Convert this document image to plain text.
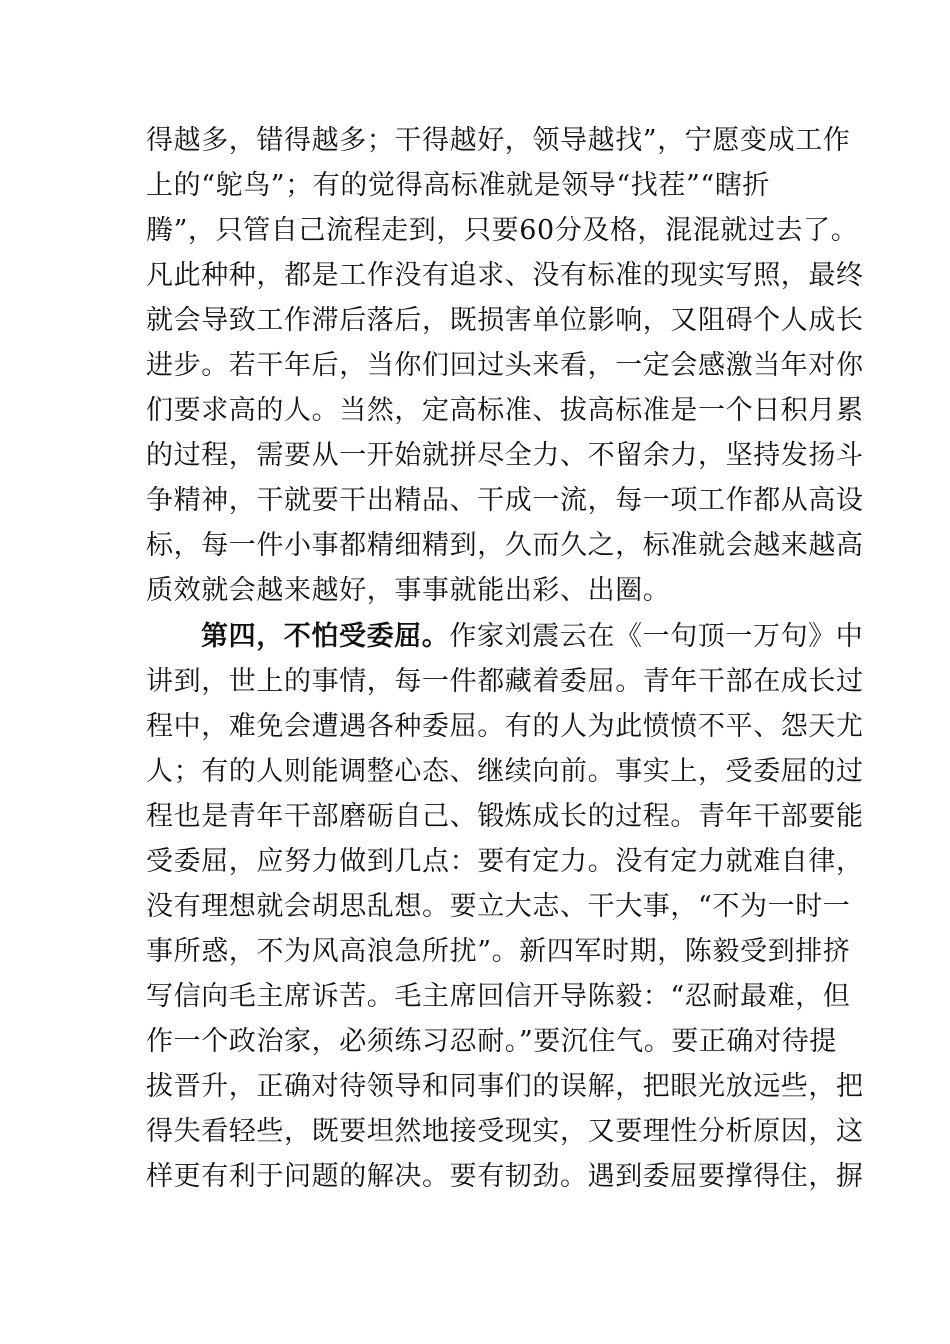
得越多，错得越多；干得越好，领导越找”，宁愿变成工作
上的“鸵鸟”；有的觉得高标准就是领导“找茬”“瞎折
腾”，只管自己流程走到，只要60分及格，混混就过去了。
凡此种种，都是工作没有追求、没有标准的现实写照，最终
就会导致工作滞后落后，既损害单位影响，又阻碍个人成长
进步。若干年后，当你们回过头来看，一定会感激当年对你
们要求高的人。当然，定高标准、拔高标准是一个日积月累
的过程，需要从一开始就拼尽全力、不留余力，坚持发扬斗
争精神，干就要干出精品、干成一流，每一项工作都从高设
标，每一件小事都精细精到，久而久之，标准就会越来越高
质效就会越来越好，事事就能出彩、出圈。
第四，不怕受委屈。作家刘震云在《一句顶一万句》中
讲到，世上的事情，每一件都藏着委屈。青年干部在成长过
程中，难免会遭遇各种委屈。有的人为此愤愤不平、怨天尤
人；有的人则能调整心态、继续向前。事实上，受委屈的过
程也是青年干部磨砺自己、锻炼成长的过程。青年干部要能
受委屈，应努力做到几点：要有定力。没有定力就难自律，
没有理想就会胡思乱想。要立大志、干大事，“不为一时一
事所惑，不为风高浪急所扰”。新四军时期，陈毅受到排挤
写信向毛主席诉苦。毛主席回信开导陈毅：“忍耐最难，但
作一个政治家，必须练习忍耐。”要沉住气。要正确对待提
拔晋升，正确对待领导和同事们的误解，把眼光放远些，把
得失看轻些，既要坦然地接受现实，又要理性分析原因，这
样更有利于问题的解决。要有韧劲。遇到委屈要撑得住，摒
